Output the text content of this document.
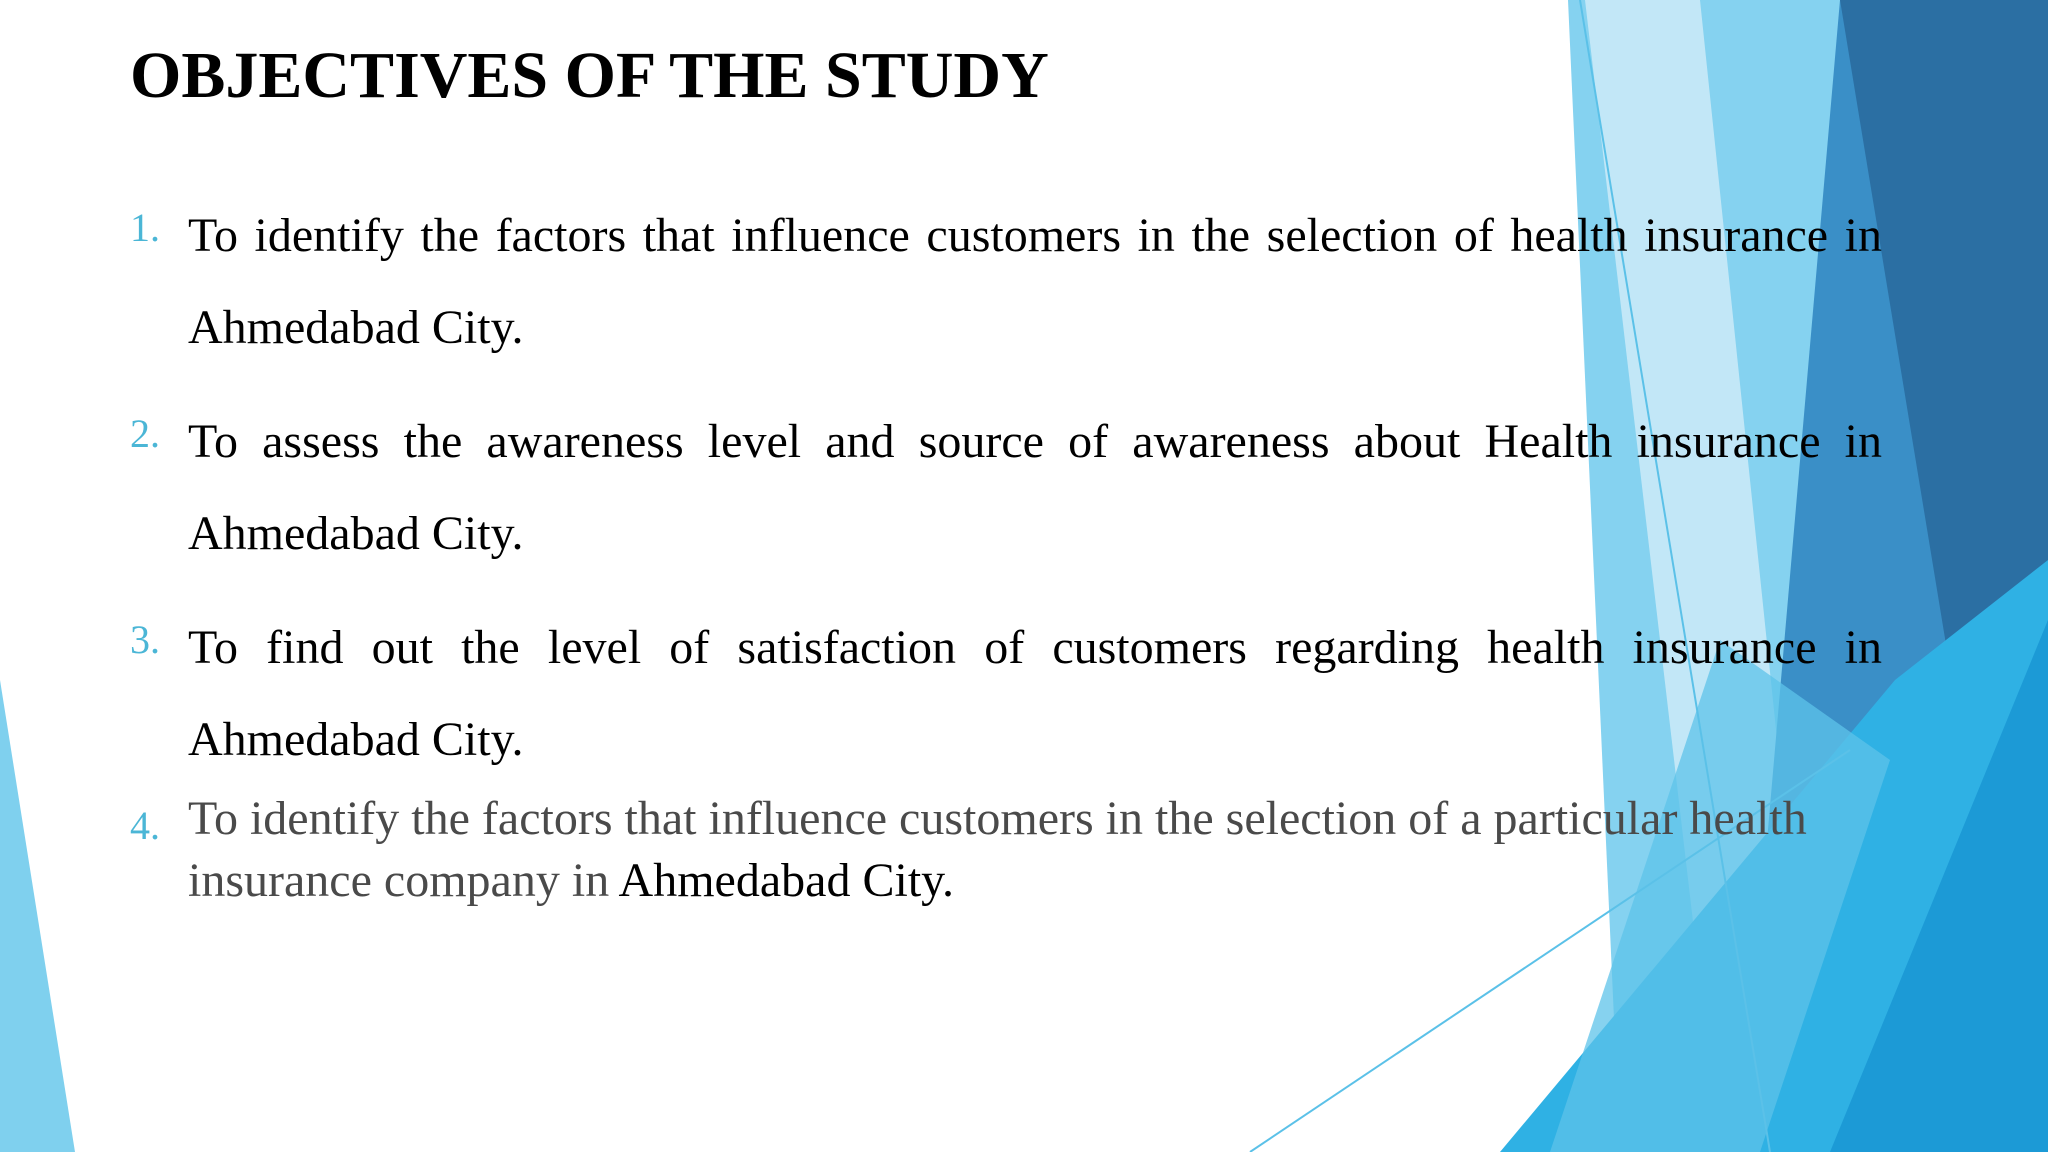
OBJECTIVES OF THE STUDY
1. To identify the factors that influence customers in the selection of health insurance in Ahmedabad City.
2. To assess the awareness level and source of awareness about Health insurance in Ahmedabad City.
3. To find out the level of satisfaction of customers regarding health insurance in Ahmedabad City.
4. To identify the factors that influence customers in the selection of a particular health insurance company in Ahmedabad City.
